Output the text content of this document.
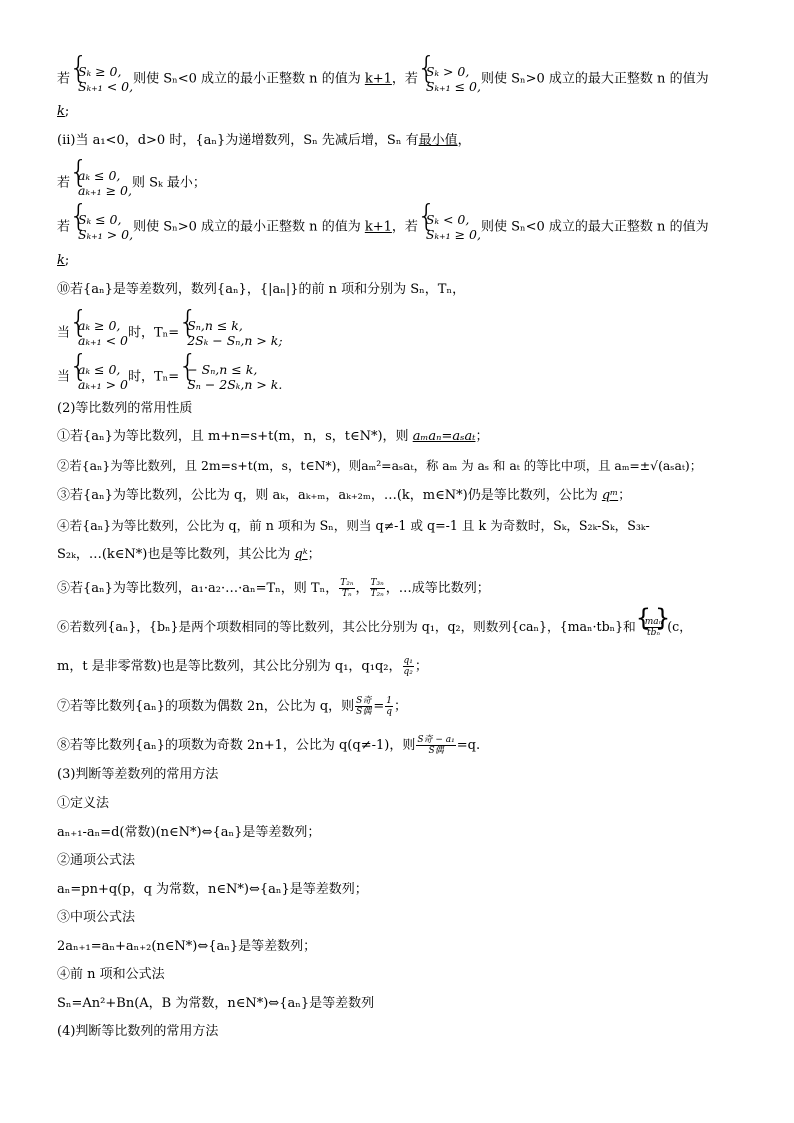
若 { Sₖ ≥ 0,
Sₖ₊₁ < 0, 则使 Sₙ<0 成立的最小正整数 n 的值为 k+1，若 { Sₖ > 0,
Sₖ₊₁ ≤ 0, 则使 Sₙ>0 成立的最大正整数 n 的值为
k;
(ⅱ)当 a₁<0，d>0 时，{aₙ}为递增数列，Sₙ 先减后增，Sₙ 有最小值，
若 { aₖ ≤ 0,
aₖ₊₁ ≥ 0, 则 Sₖ 最小；
若 { Sₖ ≤ 0,
Sₖ₊₁ > 0, 则使 Sₙ>0 成立的最小正整数 n 的值为 k+1，若 { Sₖ < 0,
Sₖ₊₁ ≥ 0, 则使 Sₙ<0 成立的最大正整数 n 的值为
k;
⑩若{aₙ}是等差数列，数列{aₙ}，{|aₙ|}的前 n 项和分别为 Sₙ，Tₙ，
当 { aₖ ≥ 0,
aₖ₊₁ < 0 时，Tₙ= { Sₙ,n ≤ k,
2Sₖ − Sₙ,n > k;
当 { aₖ ≤ 0,
aₖ₊₁ > 0 时，Tₙ= { − Sₙ,n ≤ k,
Sₙ − 2Sₖ,n > k.
(2)等比数列的常用性质
①若{aₙ}为等比数列，且 m+n=s+t(m，n，s，t∈N*)，则 aₘaₙ=aₛaₜ；
②若{aₙ}为等比数列，且 2m=s+t(m，s，t∈N*)，则aₘ²=aₛaₜ，称 aₘ 为 aₛ 和 aₜ 的等比中项，且 aₘ=±√(aₛaₜ)；
③若{aₙ}为等比数列，公比为 q，则 aₖ，aₖ₊ₘ，aₖ₊₂ₘ，…(k，m∈N*)仍是等比数列，公比为 qᵐ；
④若{aₙ}为等比数列，公比为 q，前 n 项和为 Sₙ，则当 q≠-1 或 q=-1 且 k 为奇数时，Sₖ，S₂ₖ-Sₖ，S₃ₖ-
S₂ₖ，…(k∈N*)也是等比数列，其公比为 qᵏ；
⑤若{aₙ}为等比数列，a₁·a₂·…·aₙ=Tₙ，则 Tₙ， $\frac{\text{T₂ₙ}}{\text{Tₙ}}$ ， $\frac{\text{T₃ₙ}}{\text{T₂ₙ}}$ ，…成等比数列；
⑥若数列{aₙ}，{bₙ}是两个项数相同的等比数列，其公比分别为 q₁，q₂，则数列{caₙ}，{maₙ·tbₙ}和 { $\frac{\text{maₙ}}{\text{tbₙ}}$
} (c，
m，t 是非零常数)也是等比数列，其公比分别为 q₁，q₁q₂， $\frac{\text{q₁}}{\text{q₂}}$ ；
⑦若等比数列{aₙ}的项数为偶数 2n，公比为 q，则 $\frac{\text{S奇}}{\text{S偶}} = \frac{1}{q}$ ；
⑧若等比数列{aₙ}的项数为奇数 2n+1，公比为 q(q≠-1)，则 $\frac{\text{S奇 − a₁}}{\text{S偶}} =q$.
(3)判断等差数列的常用方法
①定义法
aₙ₊₁-aₙ=d(常数)(n∈N*)⇔{aₙ}是等差数列；
②通项公式法
aₙ=pn+q(p，q 为常数，n∈N*)⇔{aₙ}是等差数列；
③中项公式法
2aₙ₊₁=aₙ+aₙ₊₂(n∈N*)⇔{aₙ}是等差数列；
④前 n 项和公式法
Sₙ=An²+Bn(A，B 为常数，n∈N*)⇔{aₙ}是等差数列
(4)判断等比数列的常用方法
